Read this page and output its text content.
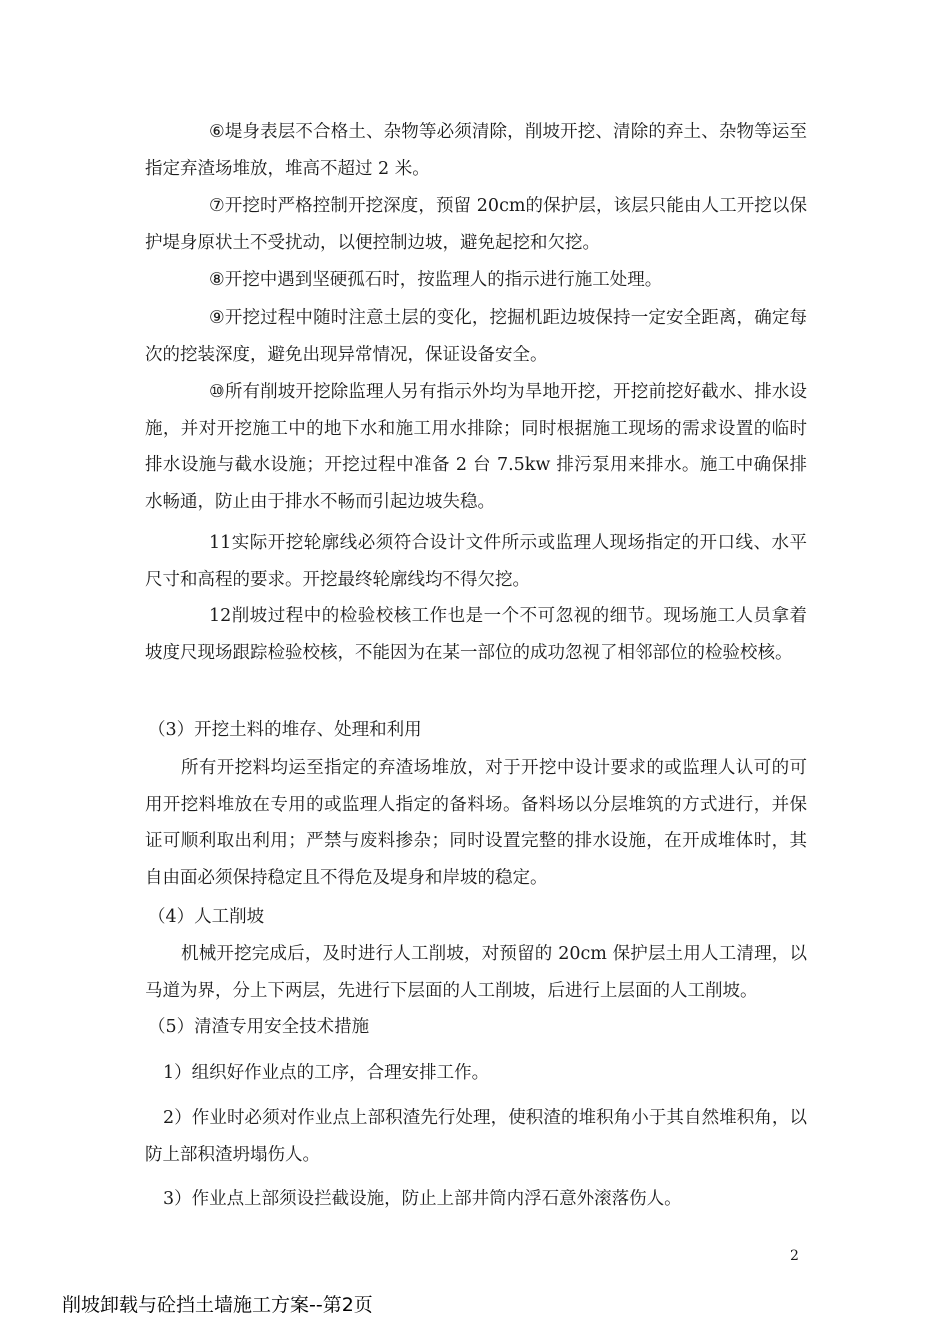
⑥堤身表层不合格土、杂物等必须清除，削坡开挖、清除的弃土、杂物等运至指定弃渣场堆放，堆高不超过 2 米。

⑦开挖时严格控制开挖深度，预留 20cm的保护层，该层只能由人工开挖以保护堤身原状土不受扰动，以便控制边坡，避免起挖和欠挖。

⑧开挖中遇到坚硬孤石时，按监理人的指示进行施工处理。

⑨开挖过程中随时注意土层的变化，挖掘机距边坡保持一定安全距离，确定每次的挖装深度，避免出现异常情况，保证设备安全。

⑩所有削坡开挖除监理人另有指示外均为旱地开挖，开挖前挖好截水、排水设施，并对开挖施工中的地下水和施工用水排除；同时根据施工现场的需求设置的临时排水设施与截水设施；开挖过程中准备 2 台 7.5kw 排污泵用来排水。施工中确保排水畅通，防止由于排水不畅而引起边坡失稳。

11实际开挖轮廓线必须符合设计文件所示或监理人现场指定的开口线、水平尺寸和高程的要求。开挖最终轮廓线均不得欠挖。

12削坡过程中的检验校核工作也是一个不可忽视的细节。现场施工人员拿着坡度尺现场跟踪检验校核，不能因为在某一部位的成功忽视了相邻部位的检验校核。

（3）开挖土料的堆存、处理和利用

所有开挖料均运至指定的弃渣场堆放，对于开挖中设计要求的或监理人认可的可用开挖料堆放在专用的或监理人指定的备料场。备料场以分层堆筑的方式进行，并保证可顺利取出利用；严禁与废料掺杂；同时设置完整的排水设施，在开成堆体时，其自由面必须保持稳定且不得危及堤身和岸坡的稳定。

（4）人工削坡

机械开挖完成后，及时进行人工削坡，对预留的 20cm 保护层土用人工清理，以马道为界，分上下两层，先进行下层面的人工削坡，后进行上层面的人工削坡。

（5）清渣专用安全技术措施

1）组织好作业点的工序，合理安排工作。

2）作业时必须对作业点上部积渣先行处理，使积渣的堆积角小于其自然堆积角，以防上部积渣坍塌伤人。

3）作业点上部须设拦截设施，防止上部井筒内浮石意外滚落伤人。

2
削坡卸载与砼挡土墙施工方案--第2页
